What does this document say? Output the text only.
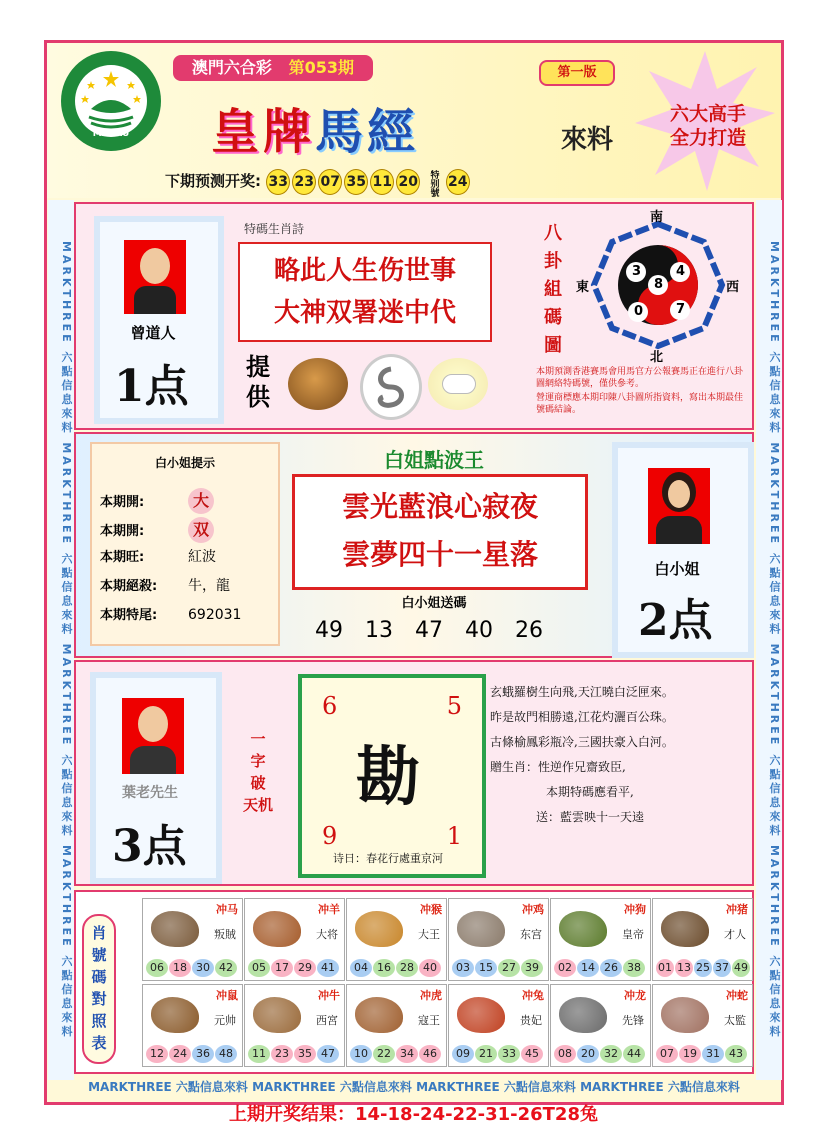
MACAU
澳門六合彩 第053期	第一版
皇牌馬經	來料
六大高手
全力打造
下期预测开奖: 33 23 07 35 11 20 特别號 24
MARKTHREE 六點信息來料 MARKTHREE 六點信息來料 MARKTHREE 六點信息來料 MARKTHREE 六點信息來料	MARKTHREE 六點信息來料 MARKTHREE 六點信息來料 MARKTHREE 六點信息來料 MARKTHREE 六點信息來料
曾道人
1点
特碼生肖詩
略此人生伤世事
大神双署迷中代
提
供
八
卦
組
碼
圖
南
北
東	西
3	4
8
0	7
本期預測香港賽馬會用馬官方公報賽馬正在進行八卦圖網絡特碼號，僅供參考。
營運商標應本期印陳八卦圖所指資料，寫出本期最佳號碼結論。
白小姐提示
本期開:	大
本期開:	双
本期旺:	紅波
本期絕殺: 牛，龍
本期特尾: 692031
白姐點波王
雲光藍浪心寂夜
雲夢四十一星落
白小姐送碼
49 13 47 40 26
白小姐
2点
葉老先生
3点
一
字
破
天机
6	5
9	1
勘
诗日：春花行處重京河
玄蛾羅樹生向飛,天江曉白泛匣來。
昨是故門相勝遠,江花灼灑百公珠。
古條榆鳳彩瓶冷,三國扶豪入白河。
贈生肖：性逆作兄齋致臣,
本期特碼應看平,
送：藍雲映十一天逵
肖
號
碼
對
照
表
冲马
叛賊
06 18 30 42
冲羊
大将
05 17 29 41
冲猴
大王
04 16 28 40
冲鸡
东宫
03 15 27 39
冲狗
皇帝
02 14 26 38
冲猪
才人
01 13 25 37 49
冲鼠
元帅
12 24 36 48
冲牛
西宮
11 23 35 47
冲虎
寇王
10 22 34 46
冲兔
贵妃
09 21 33 45
冲龙
先锋
08 20 32 44
冲蛇
太監
07 19 31 43
MARKTHREE 六點信息來料 MARKTHREE 六點信息來料 MARKTHREE 六點信息來料 MARKTHREE 六點信息來料
上期开奖结果：14-18-24-22-31-26T28兔
